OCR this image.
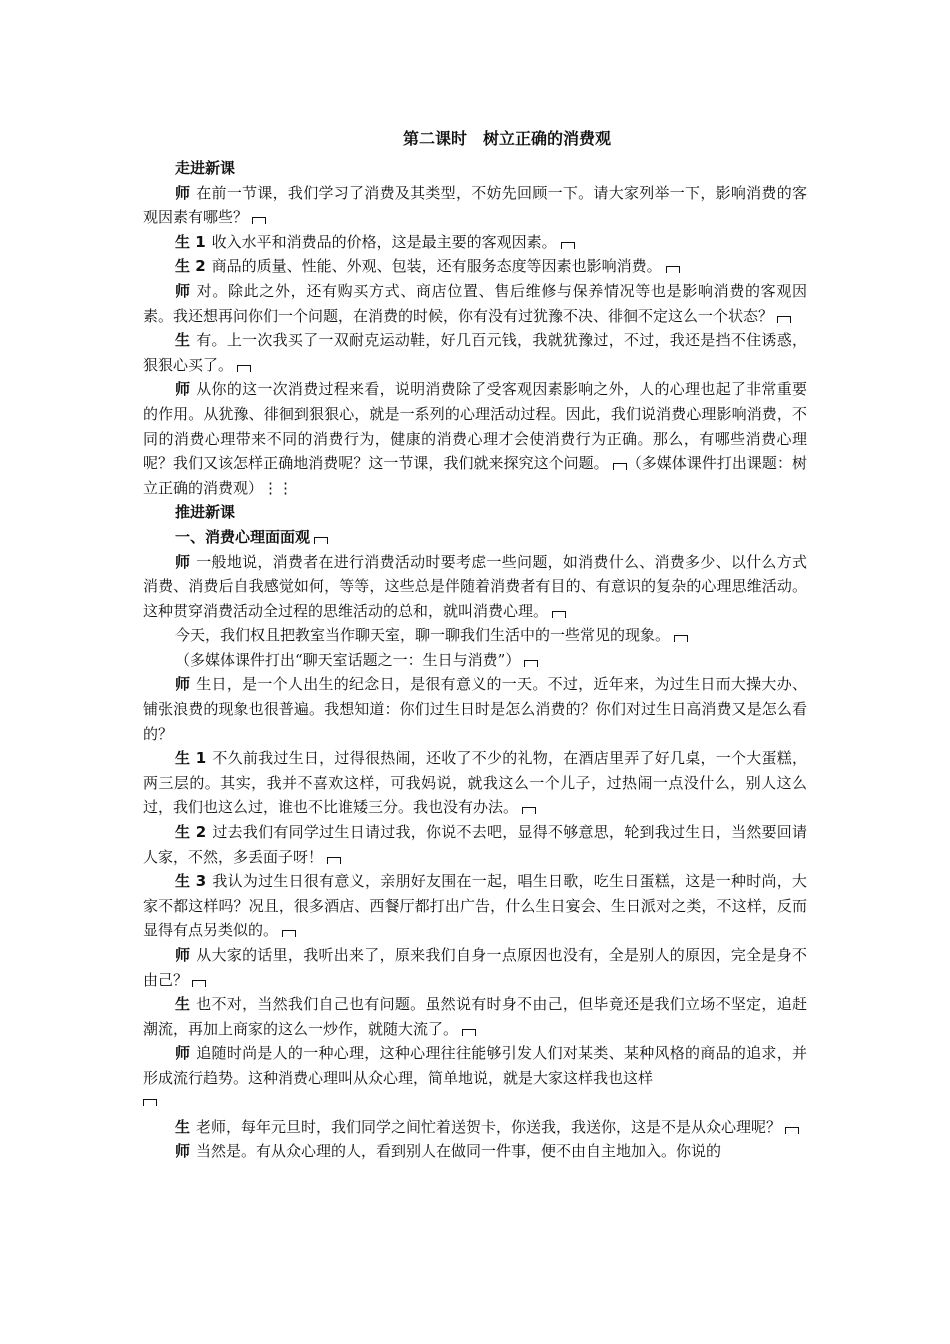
第二课时　树立正确的消费观
走进新课
师 在前一节课，我们学习了消费及其类型，不妨先回顾一下。请大家列举一下，影响消费的客观因素有哪些？
生 1 收入水平和消费品的价格，这是最主要的客观因素。
生 2 商品的质量、性能、外观、包装，还有服务态度等因素也影响消费。
师 对。除此之外，还有购买方式、商店位置、售后维修与保养情况等也是影响消费的客观因素。我还想再问你们一个问题，在消费的时候，你有没有过犹豫不决、徘徊不定这么一个状态？
生 有。上一次我买了一双耐克运动鞋，好几百元钱，我就犹豫过，不过，我还是挡不住诱惑，狠狠心买了。
师 从你的这一次消费过程来看，说明消费除了受客观因素影响之外，人的心理也起了非常重要的作用。从犹豫、徘徊到狠狠心，就是一系列的心理活动过程。因此，我们说消费心理影响消费，不同的消费心理带来不同的消费行为，健康的消费心理才会使消费行为正确。那么，有哪些消费心理呢？我们又该怎样正确地消费呢？这一节课，我们就来探究这个问题。 （多媒体课件打出课题：树立正确的消费观）⋮⋮
推进新课
一、消费心理面面观
师 一般地说，消费者在进行消费活动时要考虑一些问题，如消费什么、消费多少、以什么方式消费、消费后自我感觉如何，等等，这些总是伴随着消费者有目的、有意识的复杂的心理思维活动。这种贯穿消费活动全过程的思维活动的总和，就叫消费心理。
今天，我们权且把教室当作聊天室，聊一聊我们生活中的一些常见的现象。
（多媒体课件打出“聊天室话题之一：生日与消费”）
师 生日，是一个人出生的纪念日，是很有意义的一天。不过，近年来，为过生日而大操大办、铺张浪费的现象也很普遍。我想知道：你们过生日时是怎么消费的？你们对过生日高消费又是怎么看的？
生 1 不久前我过生日，过得很热闹，还收了不少的礼物，在酒店里弄了好几桌，一个大蛋糕，两三层的。其实，我并不喜欢这样，可我妈说，就我这么一个儿子，过热闹一点没什么，别人这么过，我们也这么过，谁也不比谁矮三分。我也没有办法。
生 2 过去我们有同学过生日请过我，你说不去吧，显得不够意思，轮到我过生日，当然要回请人家，不然，多丢面子呀！
生 3 我认为过生日很有意义，亲朋好友围在一起，唱生日歌，吃生日蛋糕，这是一种时尚，大家不都这样吗？况且，很多酒店、西餐厅都打出广告，什么生日宴会、生日派对之类，不这样，反而显得有点另类似的。
师 从大家的话里，我听出来了，原来我们自身一点原因也没有，全是别人的原因，完全是身不由己？
生 也不对，当然我们自己也有问题。虽然说有时身不由己，但毕竟还是我们立场不坚定，追赶潮流，再加上商家的这么一炒作，就随大流了。
师 追随时尚是人的一种心理，这种心理往往能够引发人们对某类、某种风格的商品的追求，并形成流行趋势。这种消费心理叫从众心理，简单地说，就是大家这样我也这样
生 老师，每年元旦时，我们同学之间忙着送贺卡，你送我，我送你，这是不是从众心理呢？
师 当然是。有从众心理的人，看到别人在做同一件事，便不由自主地加入。你说的
